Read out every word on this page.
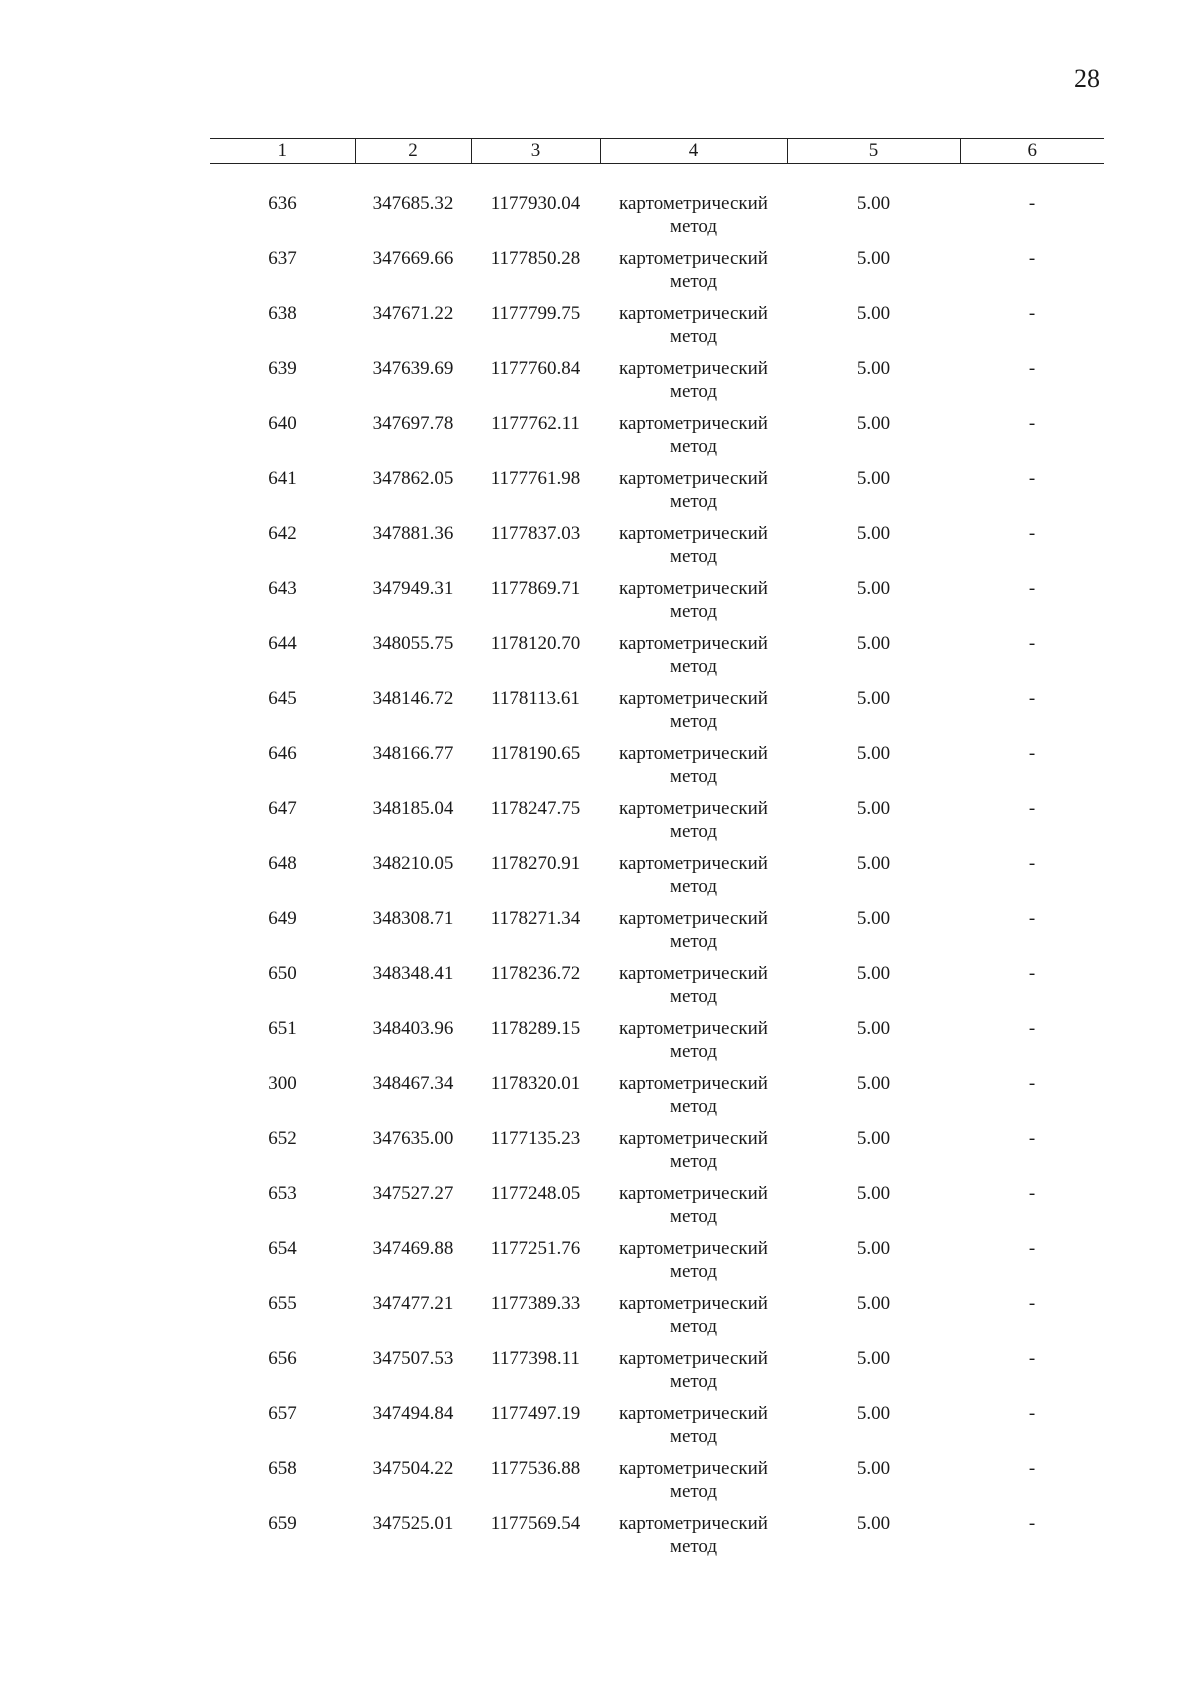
28
1	2	3	4	5	6

636	347685.32	1177930.04	картометрический метод	5.00	-
637	347669.66	1177850.28	картометрический метод	5.00	-
638	347671.22	1177799.75	картометрический метод	5.00	-
639	347639.69	1177760.84	картометрический метод	5.00	-
640	347697.78	1177762.11	картометрический метод	5.00	-
641	347862.05	1177761.98	картометрический метод	5.00	-
642	347881.36	1177837.03	картометрический метод	5.00	-
643	347949.31	1177869.71	картометрический метод	5.00	-
644	348055.75	1178120.70	картометрический метод	5.00	-
645	348146.72	1178113.61	картометрический метод	5.00	-
646	348166.77	1178190.65	картометрический метод	5.00	-
647	348185.04	1178247.75	картометрический метод	5.00	-
648	348210.05	1178270.91	картометрический метод	5.00	-
649	348308.71	1178271.34	картометрический метод	5.00	-
650	348348.41	1178236.72	картометрический метод	5.00	-
651	348403.96	1178289.15	картометрический метод	5.00	-
300	348467.34	1178320.01	картометрический метод	5.00	-
652	347635.00	1177135.23	картометрический метод	5.00	-
653	347527.27	1177248.05	картометрический метод	5.00	-
654	347469.88	1177251.76	картометрический метод	5.00	-
655	347477.21	1177389.33	картометрический метод	5.00	-
656	347507.53	1177398.11	картометрический метод	5.00	-
657	347494.84	1177497.19	картометрический метод	5.00	-
658	347504.22	1177536.88	картометрический метод	5.00	-
659	347525.01	1177569.54	картометрический метод	5.00	-
